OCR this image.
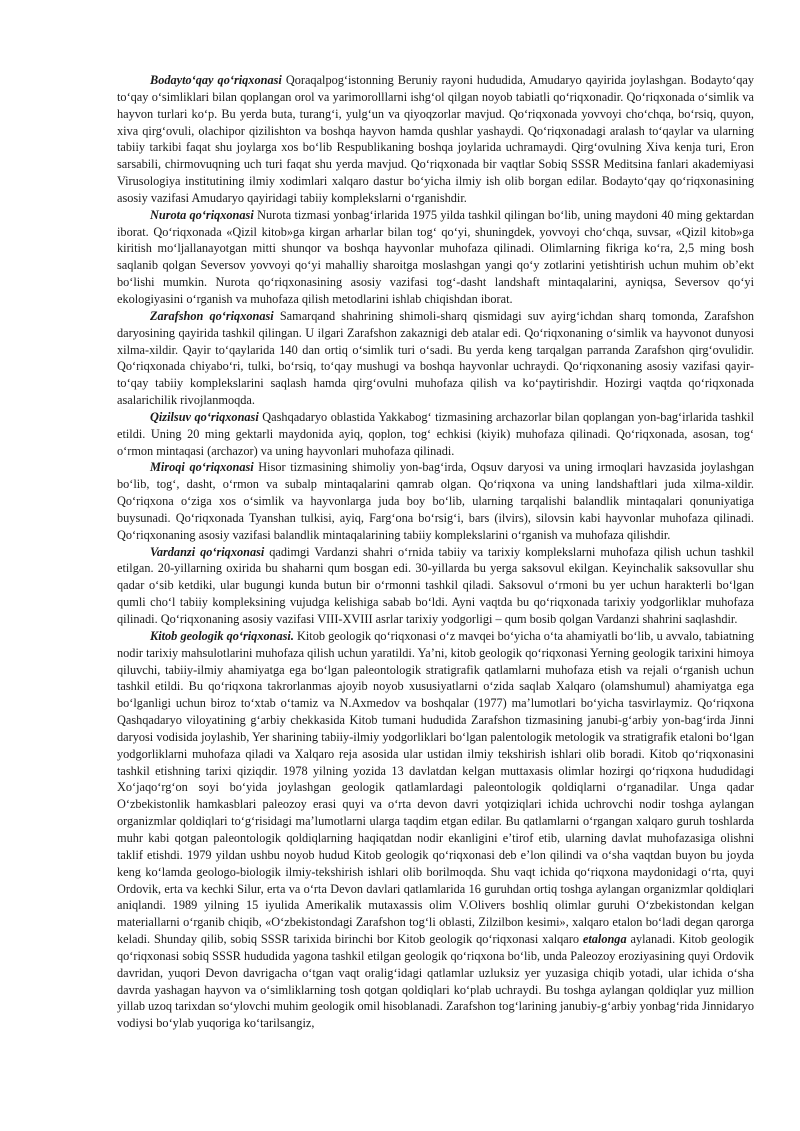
Bodayto‘qay qo‘riqxonasi Qoraqalpog‘istonning Beruniy rayoni hududida, Amudaryo qayirida joylashgan. Bodayto‘qay to‘qay o‘simliklari bilan qoplangan orol va yarimorolllarni ishg‘ol qilgan noyob tabiatli qo‘riqxonadir. Qo‘riqxonada o‘simlik va hayvon turlari ko‘p. Bu yerda buta, turang‘i, yulg‘un va qiyoqzorlar mavjud. Qo‘riqxonada yovvoyi cho‘chqa, bo‘rsiq, quyon, xiva qirg‘ovuli, olachipor qizilishton va boshqa hayvon hamda qushlar yashaydi. Qo‘riqxonadagi aralash to‘qaylar va ularning tabiiy tarkibi faqat shu joylarga xos bo‘lib Respublikaning boshqa joylarida uchramaydi. Qirg‘ovulning Xiva kenja turi, Eron sarsabili, chirmovuqning uch turi faqat shu yerda mavjud. Qo‘riqxonada bir vaqtlar Sobiq SSSR Meditsina fanlari akademiyasi Virusologiya institutining ilmiy xodimlari xalqaro dastur bo‘yicha ilmiy ish olib borgan edilar. Bodayto‘qay qo‘riqxonasining asosiy vazifasi Amudaryo qayiridagi tabiiy komplekslarni o‘rganishdir.

Nurota qo‘riqxonasi Nurota tizmasi yonbag‘irlarida 1975 yilda tashkil qilingan bo‘lib, uning maydoni 40 ming gektardan iborat. Qo‘riqxonada «Qizil kitob»ga kirgan arharlar bilan tog‘ qo‘yi, shuningdek, yovvoyi cho‘chqa, suvsar, «Qizil kitob»ga kiritish mo‘ljallanayotgan mitti shunqor va boshqa hayvonlar muhofaza qilinadi. Olimlarning fikriga ko‘ra, 2,5 ming bosh saqlanib qolgan Seversov yovvoyi qo‘yi mahalliy sharoitga moslashgan yangi qo‘y zotlarini yetishtirish uchun muhim ob’ekt bo‘lishi mumkin. Nurota qo‘riqxonasining asosiy vazifasi tog‘-dasht landshaft mintaqalarini, ayniqsa, Seversov qo‘yi ekologiyasini o‘rganish va muhofaza qilish metodlarini ishlab chiqishdan iborat.

Zarafshon qo‘riqxonasi Samarqand shahrining shimoli-sharq qismidagi suv ayirg‘ichdan sharq tomonda, Zarafshon daryosining qayirida tashkil qilingan. U ilgari Zarafshon zakaznigi deb atalar edi. Qo‘riqxonaning o‘simlik va hayvonot dunyosi xilma-xildir. Qayir to‘qaylarida 140 dan ortiq o‘simlik turi o‘sadi. Bu yerda keng tarqalgan parranda Zarafshon qirg‘ovulidir. Qo‘riqxonada chiyabo‘ri, tulki, bo‘rsiq, to‘qay mushugi va boshqa hayvonlar uchraydi. Qo‘riqxonaning asosiy vazifasi qayir-to‘qay tabiiy komplekslarini saqlash hamda qirg‘ovulni muhofaza qilish va ko‘paytirishdir. Hozirgi vaqtda qo‘riqxonada asalarichilik rivojlanmoqda.

Qizilsuv qo‘riqxonasi Qashqadaryo oblastida Yakkabog‘ tizmasining archazorlar bilan qoplangan yon-bag‘irlarida tashkil etildi. Uning 20 ming gektarli maydonida ayiq, qoplon, tog‘ echkisi (kiyik) muhofaza qilinadi. Qo‘riqxonada, asosan, tog‘ o‘rmon mintaqasi (archazor) va uning hayvonlari muhofaza qilinadi.

Miroqi qo‘riqxonasi Hisor tizmasining shimoliy yon-bag‘irda, Oqsuv daryosi va uning irmoqlari havzasida joylashgan bo‘lib, tog‘, dasht, o‘rmon va subalp mintaqalarini qamrab olgan. Qo‘riqxona va uning landshaftlari juda xilma-xildir. Qo‘riqxona o‘ziga xos o‘simlik va hayvonlarga juda boy bo‘lib, ularning tarqalishi balandlik mintaqalari qonuniyatiga buysunadi. Qo‘riqxonada Tyanshan tulkisi, ayiq, Farg‘ona bo‘rsig‘i, bars (ilvirs), silovsin kabi hayvonlar muhofaza qilinadi. Qo‘riqxonaning asosiy vazifasi balandlik mintaqalarining tabiiy komplekslarini o‘rganish va muhofaza qilishdir.

Vardanzi qo‘riqxonasi qadimgi Vardanzi shahri o‘rnida tabiiy va tarixiy komplekslarni muhofaza qilish uchun tashkil etilgan. 20-yillarning oxirida bu shaharni qum bosgan edi. 30-yillarda bu yerga saksovul ekilgan. Keyinchalik saksovullar shu qadar o‘sib ketdiki, ular bugungi kunda butun bir o‘rmonni tashkil qiladi. Saksovul o‘rmoni bu yer uchun harakterli bo‘lgan qumli cho‘l tabiiy kompleksining vujudga kelishiga sabab bo‘ldi. Ayni vaqtda bu qo‘riqxonada tarixiy yodgorliklar muhofaza qilinadi. Qo‘riqxonaning asosiy vazifasi VIII-XVIII asrlar tarixiy yodgorligi – qum bosib qolgan Vardanzi shahrini saqlashdir.

Kitob geologik qo‘riqxonasi. Kitob geologik qo‘riqxonasi o‘z mavqei bo‘yicha o‘ta ahamiyatli bo‘lib, u avvalo, tabiatning nodir tarixiy mahsulotlarini muhofaza qilish uchun yaratildi. Ya’ni, kitob geologik qo‘riqxonasi Yerning geologik tarixini himoya qiluvchi, tabiiy-ilmiy ahamiyatga ega bo‘lgan paleontologik stratigrafik qatlamlarni muhofaza etish va rejali o‘rganish uchun tashkil etildi. Bu qo‘riqxona takrorlanmas ajoyib noyob xususiyatlarni o‘zida saqlab Xalqaro (olamshumul) ahamiyatga ega bo‘lganligi uchun biroz to‘xtab o‘tamiz va N.Axmedov va boshqalar (1977) ma’lumotlari bo‘yicha tasvirlaymiz. Qo‘riqxona Qashqadaryo viloyatining g‘arbiy chekkasida Kitob tumani hududida Zarafshon tizmasining janubi-g‘arbiy yon-bag‘irda Jinni daryosi vodisida joylashib, Yer sharining tabiiy-ilmiy yodgorliklari bo‘lgan palentologik metologik va stratigrafik etaloni bo‘lgan yodgorliklarni muhofaza qiladi va Xalqaro reja asosida ular ustidan ilmiy tekshirish ishlari olib boradi. Kitob qo‘riqxonasini tashkil etishning tarixi qiziqdir. 1978 yilning yozida 13 davlatdan kelgan muttaxasis olimlar hozirgi qo‘riqxona hududidagi Xo‘jaqo‘rg‘on soyi bo‘yida joylashgan geologik qatlamlardagi paleontologik qoldiqlarni o‘rganadilar. Unga qadar O‘zbekistonlik hamkasblari paleozoy erasi quyi va o‘rta devon davri yotqiziqlari ichida uchrovchi nodir toshga aylangan organizmlar qoldiqlari to‘g‘risidagi ma’lumotlarni ularga taqdim etgan edilar. Bu qatlamlarni o‘rgangan xalqaro guruh toshlarda muhr kabi qotgan paleontologik qoldiqlarning haqiqatdan nodir ekanligini e’tirof etib, ularning davlat muhofazasiga olishni taklif etishdi. 1979 yildan ushbu noyob hudud Kitob geologik qo‘riqxonasi deb e’lon qilindi va o‘sha vaqtdan buyon bu joyda keng ko‘lamda geologo-biologik ilmiy-tekshirish ishlari olib borilmoqda. Shu vaqt ichida qo‘riqxona maydonidagi o‘rta, quyi Ordovik, erta va kechki Silur, erta va o‘rta Devon davlari qatlamlarida 16 guruhdan ortiq toshga aylangan organizmlar qoldiqlari aniqlandi. 1989 yilning 15 iyulida Amerikalik mutaxassis olim V.Olivers boshliq olimlar guruhi O‘zbekistondan kelgan materiallarni o‘rganib chiqib, «O‘zbekistondagi Zarafshon tog‘li oblasti, Zilzilbon kesimi», xalqaro etalon bo‘ladi degan qarorga keladi. Shunday qilib, sobiq SSSR tarixida birinchi bor Kitob geologik qo‘riqxonasi xalqaro etalonga aylanadi. Kitob geologik qo‘riqxonasi sobiq SSSR hududida yagona tashkil etilgan geologik qo‘riqxona bo‘lib, unda Paleozoy eroziyasining quyi Ordovik davridan, yuqori Devon davrigacha o‘tgan vaqt oralig‘idagi qatlamlar uzluksiz yer yuzasiga chiqib yotadi, ular ichida o‘sha davrda yashagan hayvon va o‘simliklarning tosh qotgan qoldiqlari ko‘plab uchraydi. Bu toshga aylangan qoldiqlar yuz million yillab uzoq tarixdan so‘ylovchi muhim geologik omil hisoblanadi. Zarafshon tog‘larining janubiy-g‘arbiy yonbag‘rida Jinnidaryo vodiysi bo‘ylab yuqoriga ko‘tarilsangiz,
